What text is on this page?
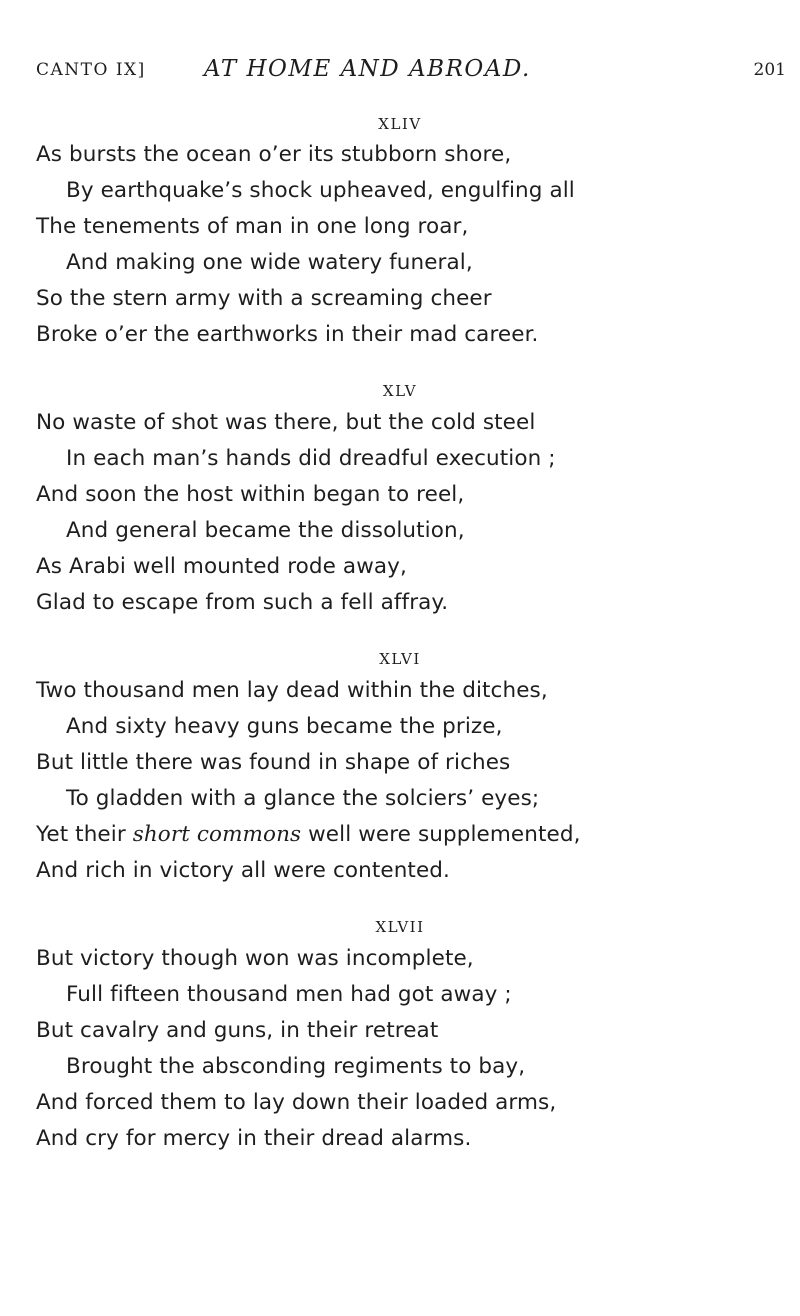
CANTO IX]	AT HOME AND ABROAD.	201
XLIV
As bursts the ocean o’er its stubborn shore,
By earthquake’s shock upheaved, engulfing all
The tenements of man in one long roar,
And making one wide watery funeral,
So the stern army with a screaming cheer
Broke o’er the earthworks in their mad career.
XLV
No waste of shot was there, but the cold steel
In each man’s hands did dreadful execution ;
And soon the host within began to reel,
And general became the dissolution,
As Arabi well mounted rode away,
Glad to escape from such a fell affray.
XLVI
Two thousand men lay dead within the ditches,
And sixty heavy guns became the prize,
But little there was found in shape of riches
To gladden with a glance the solciers’ eyes;
Yet their short commons well were supplemented,
And rich in victory all were contented.
XLVII
But victory though won was incomplete,
Full fifteen thousand men had got away ;
But cavalry and guns, in their retreat
Brought the absconding regiments to bay,
And forced them to lay down their loaded arms,
And cry for mercy in their dread alarms.
